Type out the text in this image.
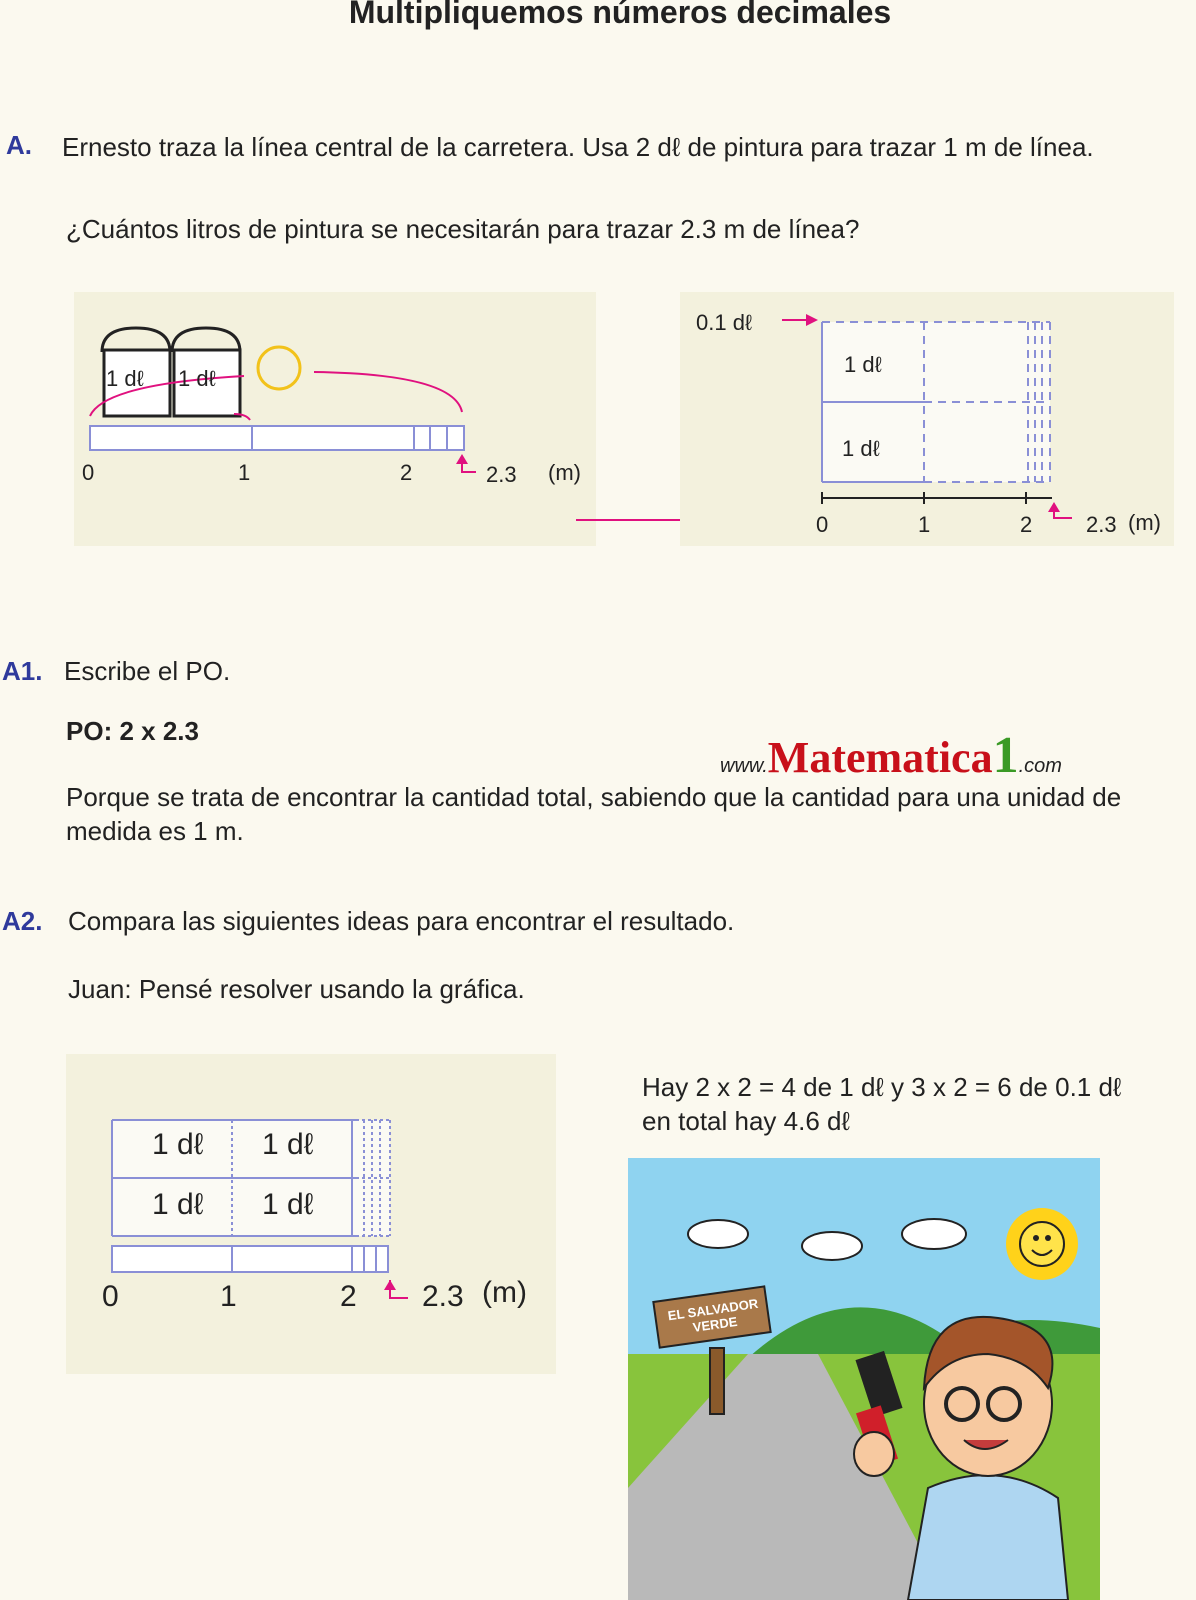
Multipliquemos números decimales
A. Ernesto traza la línea central de la carretera. Usa 2 dℓ de pintura para trazar 1 m de línea.
¿Cuántos litros de pintura se necesitarán para trazar 2.3 m de línea?
1 dℓ 1 dℓ
0	1	2	2.3 (m)
0.1 dℓ
1 dℓ
1 dℓ
0	1	2 2.3 (m)
A1. Escribe el PO.
PO: 2 x 2.3
www.Matematica1.com
Porque se trata de encontrar la cantidad total, sabiendo que la cantidad para una unidad de medida es 1 m.
A2. Compara las siguientes ideas para encontrar el resultado.
Juan: Pensé resolver usando la gráfica.
1 dℓ 1 dℓ
1 dℓ 1 dℓ
0	1	2 2.3 (m)
Hay 2 x 2 = 4 de 1 dℓ y 3 x 2 = 6 de 0.1 dℓ
en total hay 4.6 dℓ
EL SALVADOR VERDE
